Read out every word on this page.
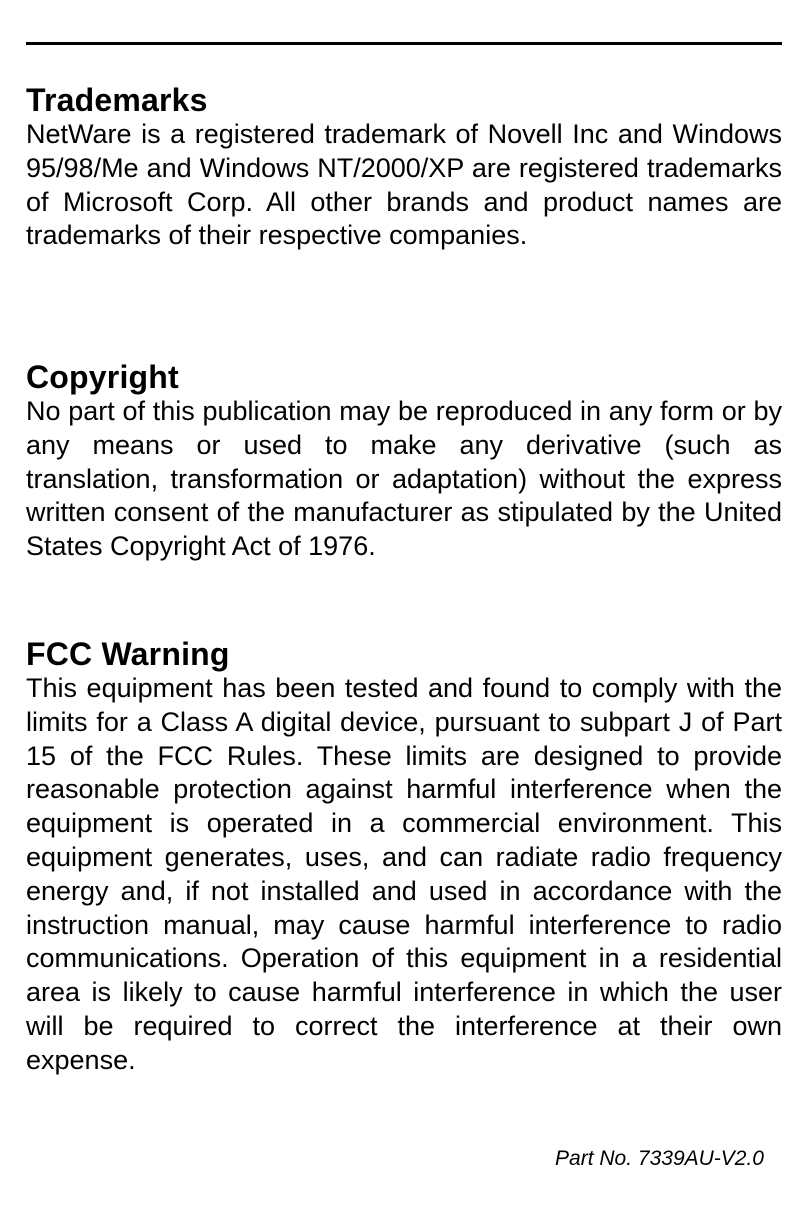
Trademarks

NetWare is a registered trademark of Novell Inc and Windows 95/98/Me and Windows NT/2000/XP are registered trademarks of Microsoft Corp. All other brands and product names are trademarks of their respective companies.

Copyright

No part of this publication may be reproduced in any form or by any means or used to make any derivative (such as translation, transformation or adaptation) without the express written consent of the manufacturer as stipulated by the United States Copyright Act of 1976.

FCC Warning

This equipment has been tested and found to comply with the limits for a Class A digital device, pursuant to subpart J of Part 15 of the FCC Rules. These limits are designed to provide reasonable protection against harmful interference when the equipment is operated in a commercial environment. This equipment generates, uses, and can radiate radio frequency energy and, if not installed and used in accordance with the instruction manual, may cause harmful interference to radio communications. Operation of this equipment in a residential area is likely to cause harmful interference in which the user will be required to correct the interference at their own expense.

Part No. 7339AU-V2.0
